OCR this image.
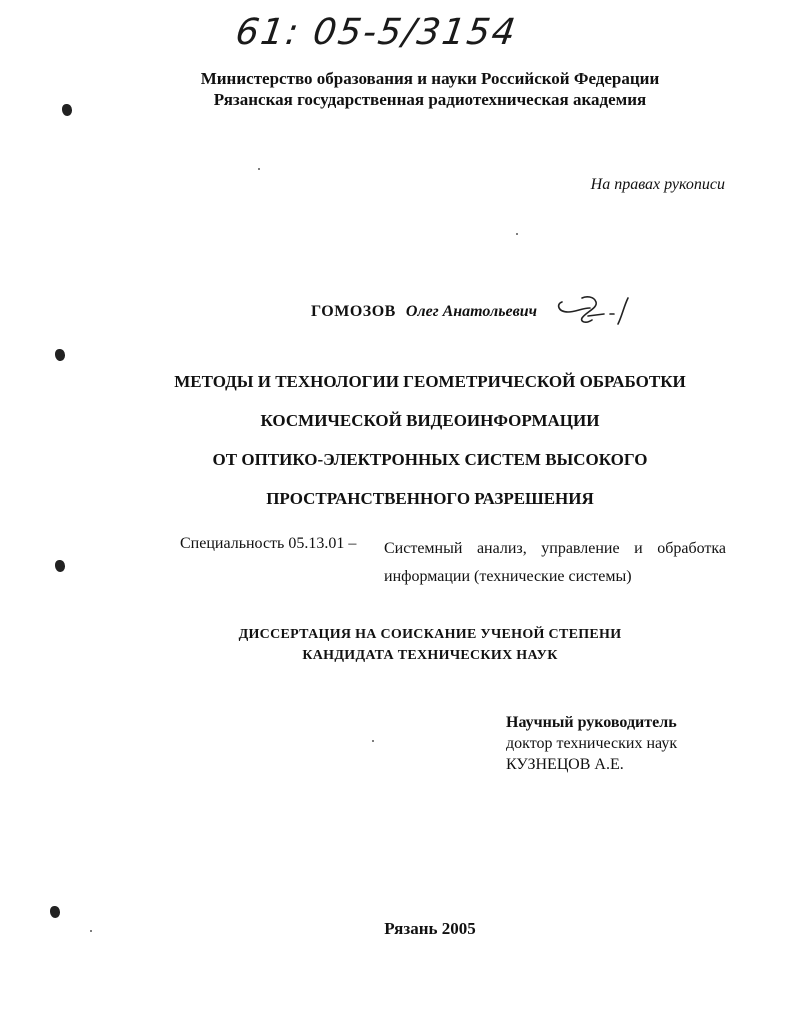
61: 05-5/3154
Министерство образования и науки Российской Федерации
Рязанская государственная радиотехническая академия
На правах рукописи
ГОМОЗОВ Олег Анатольевич
МЕТОДЫ И ТЕХНОЛОГИИ ГЕОМЕТРИЧЕСКОЙ ОБРАБОТКИ
КОСМИЧЕСКОЙ ВИДЕОИНФОРМАЦИИ
ОТ ОПТИКО-ЭЛЕКТРОННЫХ СИСТЕМ ВЫСОКОГО
ПРОСТРАНСТВЕННОГО РАЗРЕШЕНИЯ
Специальность 05.13.01 – Системный анализ, управление и обработка
информации (технические системы)
ДИССЕРТАЦИЯ НА СОИСКАНИЕ УЧЕНОЙ СТЕПЕНИ
КАНДИДАТА ТЕХНИЧЕСКИХ НАУК
Научный руководитель
доктор технических наук
КУЗНЕЦОВ А.Е.
Рязань 2005
